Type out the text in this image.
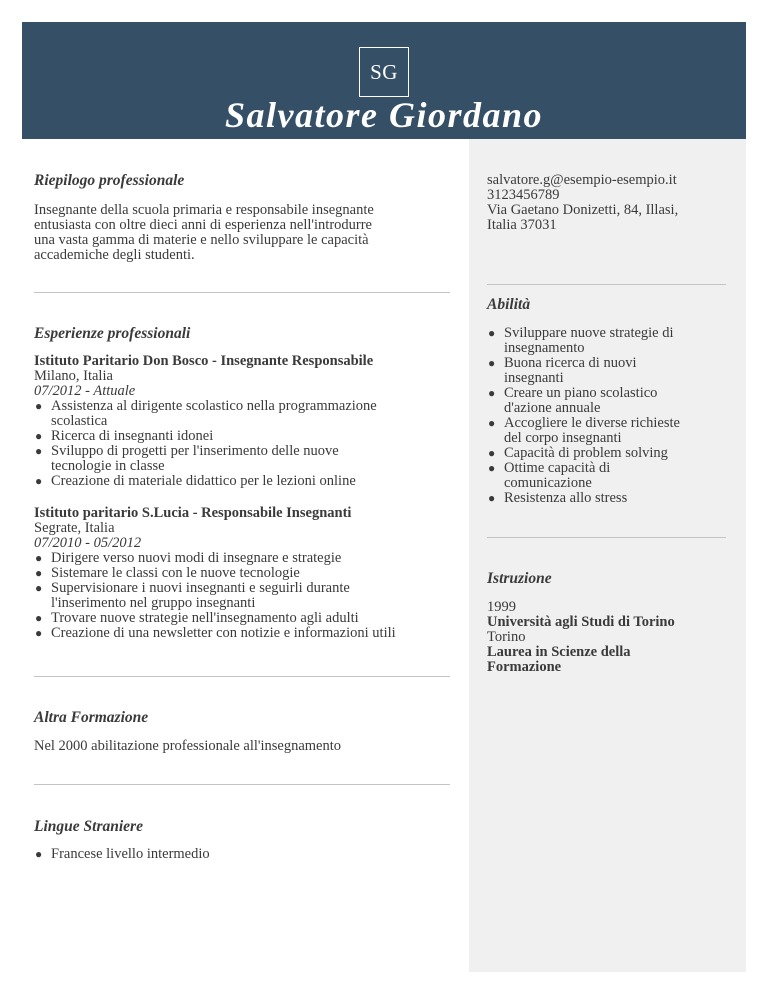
SG
Salvatore Giordano
salvatore.g@esempio-esempio.it
3123456789
Via Gaetano Donizetti, 84, Illasi,
Italia 37031
Abilità
● Sviluppare nuove strategie di
insegnamento
● Buona ricerca di nuovi
insegnanti
● Creare un piano scolastico
d'azione annuale
● Accogliere le diverse richieste
del corpo insegnanti
● Capacità di problem solving
● Ottime capacità di
comunicazione
● Resistenza allo stress
Istruzione
1999
Università agli Studi di Torino
Torino
Laurea in Scienze della
Formazione
Riepilogo professionale
Insegnante della scuola primaria e responsabile insegnante
entusiasta con oltre dieci anni di esperienza nell'introdurre
una vasta gamma di materie e nello sviluppare le capacità
accademiche degli studenti.
Esperienze professionali
Istituto Paritario Don Bosco - Insegnante Responsabile
Milano, Italia
07/2012 - Attuale
● Assistenza al dirigente scolastico nella programmazione
scolastica
● Ricerca di insegnanti idonei
● Sviluppo di progetti per l'inserimento delle nuove
tecnologie in classe
● Creazione di materiale didattico per le lezioni online
Istituto paritario S.Lucia - Responsabile Insegnanti
Segrate, Italia
07/2010 - 05/2012
● Dirigere verso nuovi modi di insegnare e strategie
● Sistemare le classi con le nuove tecnologie
● Supervisionare i nuovi insegnanti e seguirli durante
l'inserimento nel gruppo insegnanti
● Trovare nuove strategie nell'insegnamento agli adulti
● Creazione di una newsletter con notizie e informazioni utili
Altra Formazione
Nel 2000 abilitazione professionale all'insegnamento
Lingue Straniere
● Francese livello intermedio
